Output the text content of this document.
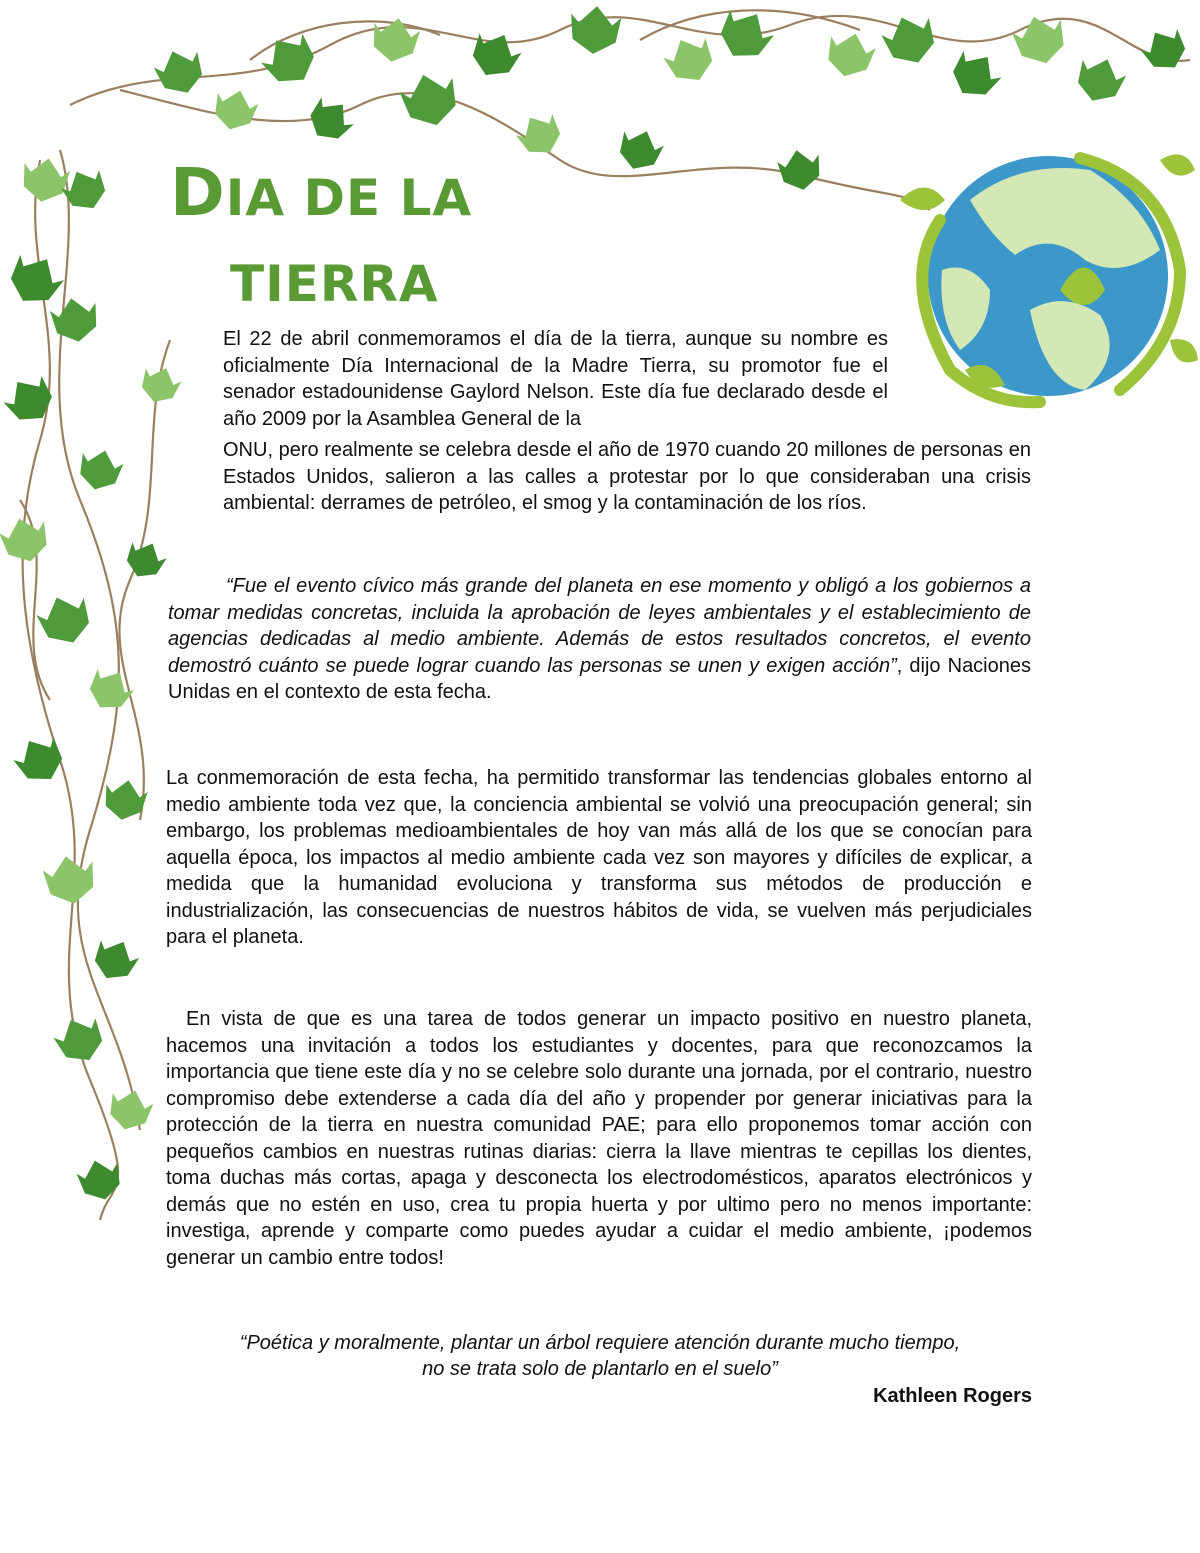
DIA DE LA
TIERRA

El 22 de abril conmemoramos el día de la tierra, aunque su nombre es oficialmente Día Internacional de la Madre Tierra, su promotor fue el senador estadounidense Gaylord Nelson. Este día fue declarado desde el año 2009 por la Asamblea General de la

ONU, pero realmente se celebra desde el año de 1970 cuando 20 millones de personas en Estados Unidos, salieron a las calles a protestar por lo que consideraban una crisis ambiental: derrames de petróleo, el smog y la contaminación de los ríos.

“Fue el evento cívico más grande del planeta en ese momento y obligó a los gobiernos a tomar medidas concretas, incluida la aprobación de leyes ambientales y el establecimiento de agencias dedicadas al medio ambiente. Además de estos resultados concretos, el evento demostró cuánto se puede lograr cuando las personas se unen y exigen acción”, dijo Naciones Unidas en el contexto de esta fecha.

La conmemoración de esta fecha, ha permitido transformar las tendencias globales entorno al medio ambiente toda vez que, la conciencia ambiental se volvió una preocupación general; sin embargo, los problemas medioambientales de hoy van más allá de los que se conocían para aquella época, los impactos al medio ambiente cada vez son mayores y difíciles de explicar, a medida que la humanidad evoluciona y transforma sus métodos de producción e industrialización, las consecuencias de nuestros hábitos de vida, se vuelven más perjudiciales para el planeta.

En vista de que es una tarea de todos generar un impacto positivo en nuestro planeta, hacemos una invitación a todos los estudiantes y docentes, para que reconozcamos la importancia que tiene este día y no se celebre solo durante una jornada, por el contrario, nuestro compromiso debe extenderse a cada día del año y propender por generar iniciativas para la protección de la tierra en nuestra comunidad PAE; para ello proponemos tomar acción con pequeños cambios en nuestras rutinas diarias: cierra la llave mientras te cepillas los dientes, toma duchas más cortas, apaga y desconecta los electrodomésticos, aparatos electrónicos y demás que no estén en uso, crea tu propia huerta y por ultimo pero no menos importante: investiga, aprende y comparte como puedes ayudar a cuidar el medio ambiente, ¡podemos generar un cambio entre todos!

“Poética y moralmente, plantar un árbol requiere atención durante mucho tiempo,
no se trata solo de plantarlo en el suelo”

Kathleen Rogers
